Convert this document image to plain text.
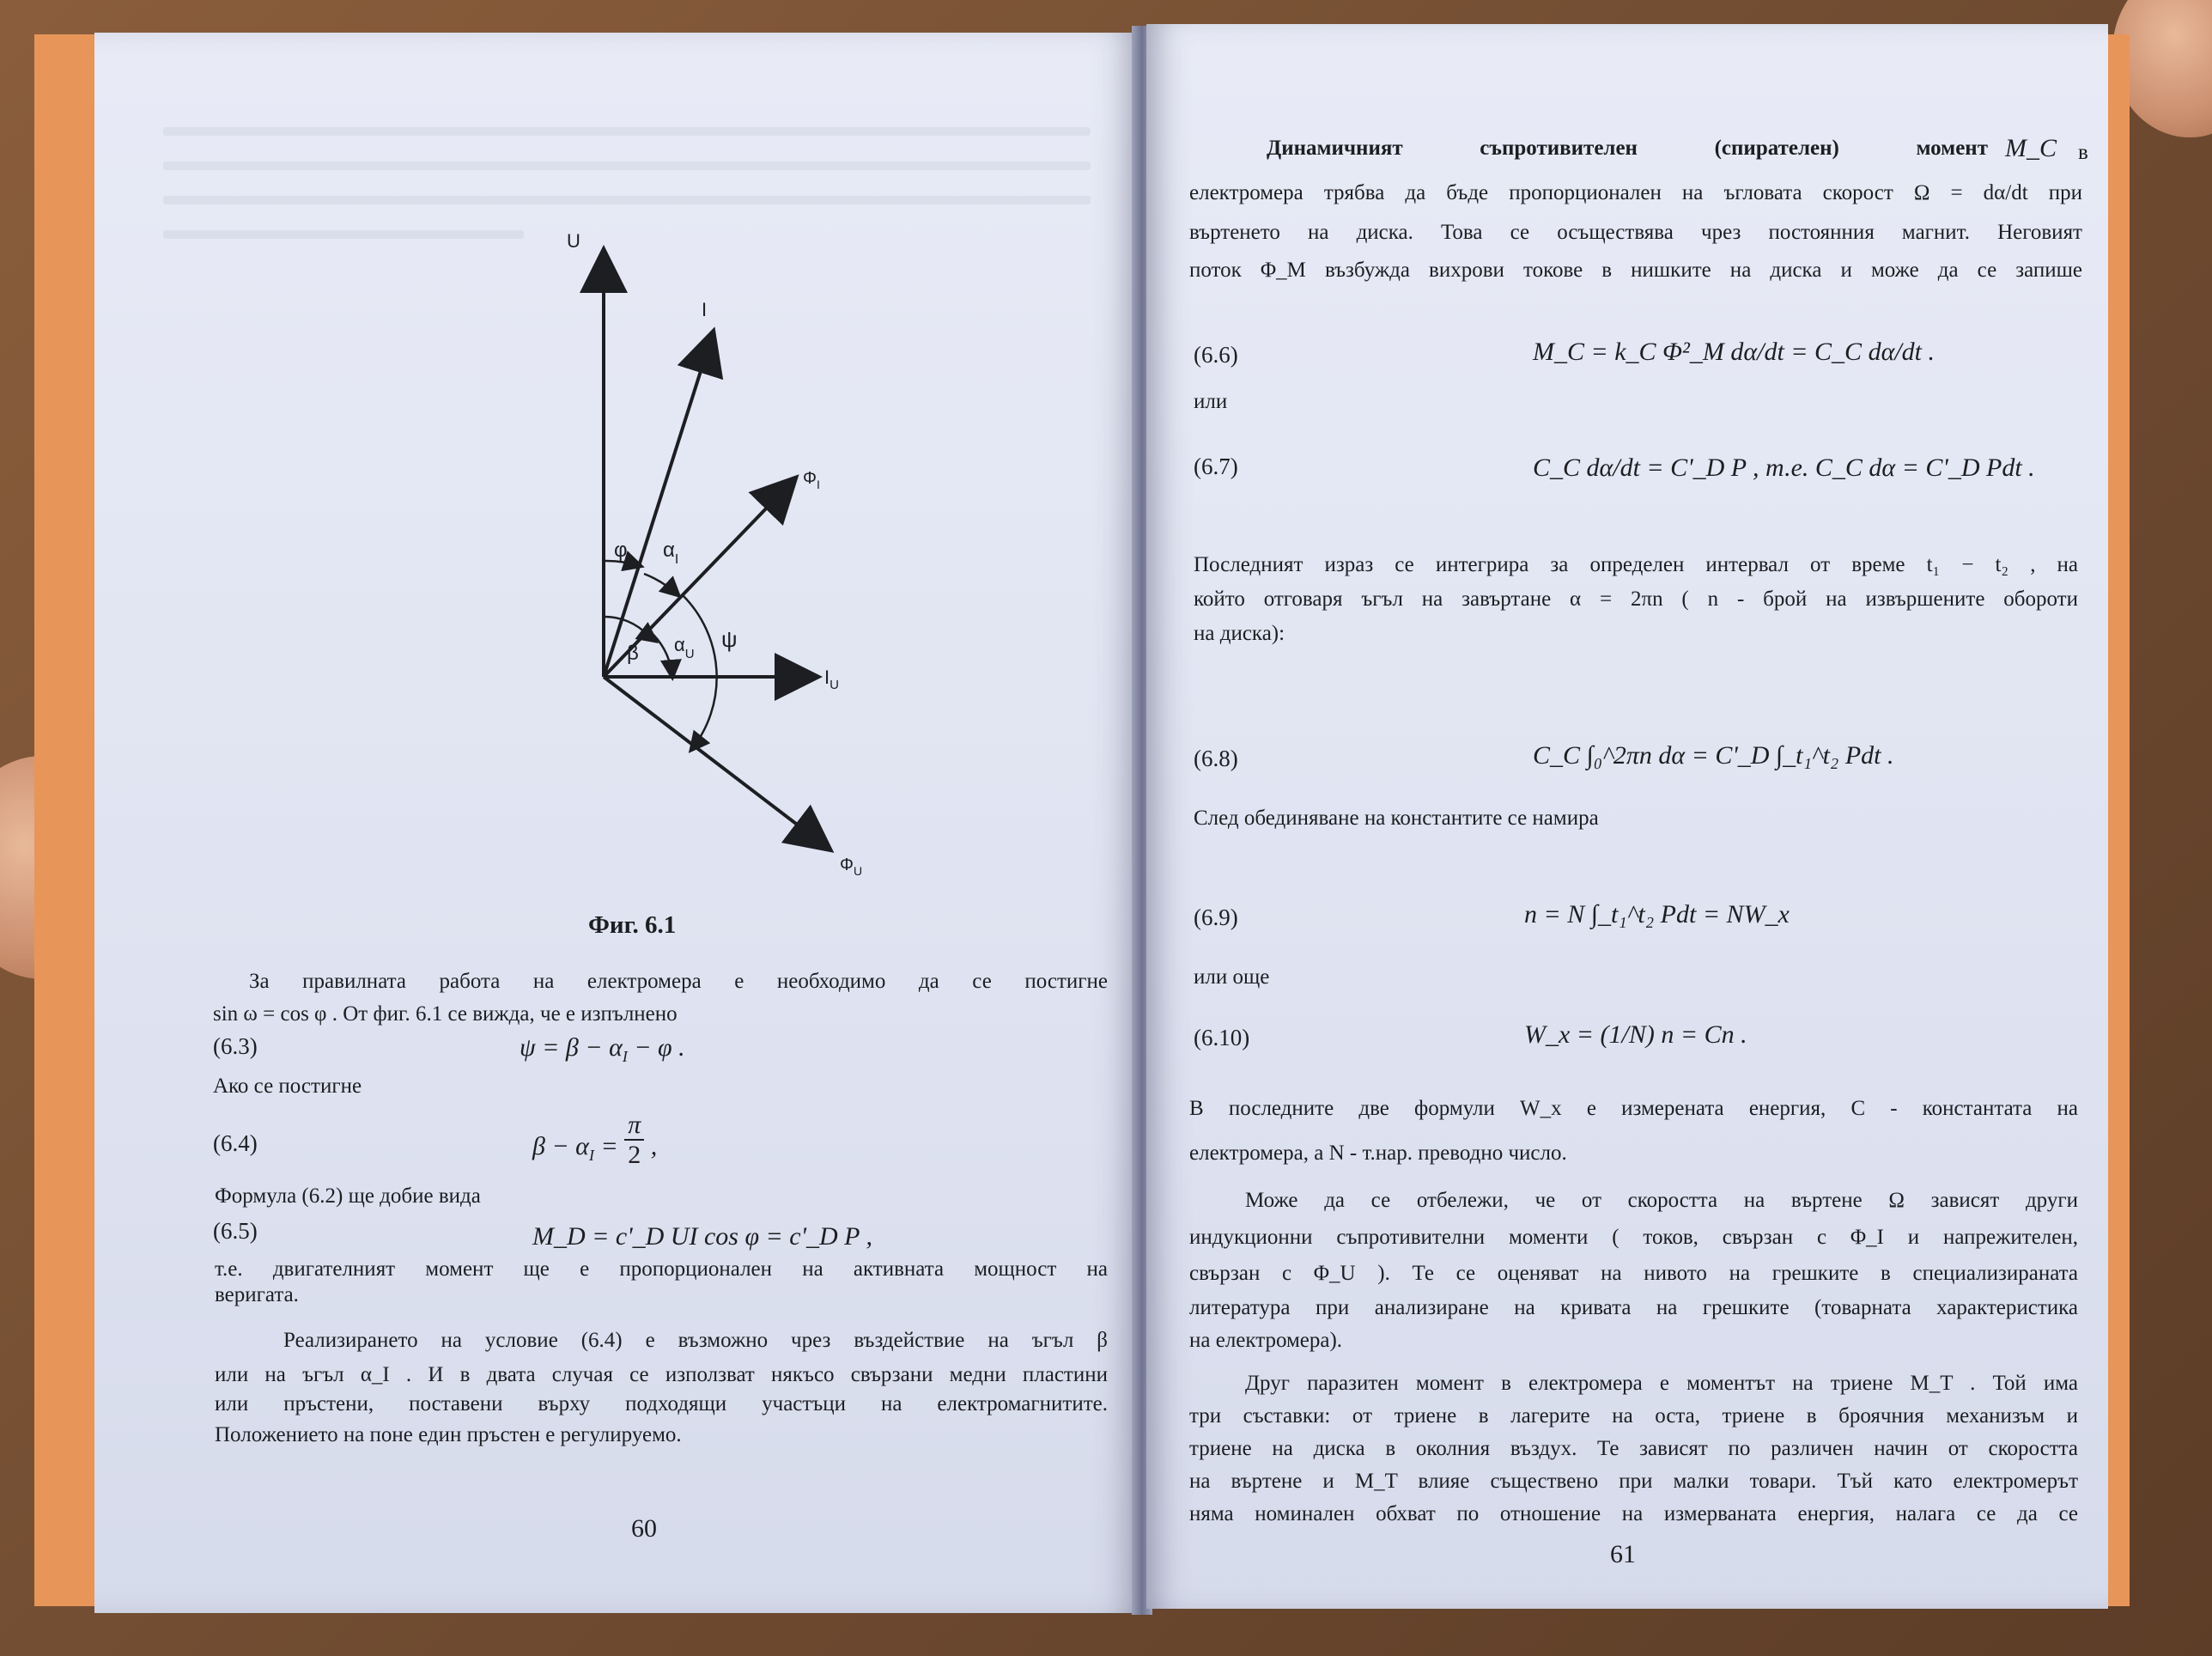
U
I
$\Phi_I$
φ $\alpha_I$
ψ
β $\alpha_U$
$I_U$
$\Phi_U$
Фиг. 6.1
За правилната работа на електромера е необходимо да се постигне
sin ω = cos φ . От фиг. 6.1 се вижда, че е изпълнено
(6.3)	$\psi = \beta - \alpha_I - \varphi$ .
Ако се постигне
(6.4)	$\beta - \alpha_I = \frac{\pi}{2}$ ,
Формула (6.2) ще добие вида
(6.5)	M_D = c'_D UI cos φ = c'_D P ,
т.е. двигателният момент ще е пропорционален на активната мощност на
веригата.
Реализирането на условие (6.4) е възможно чрез въздействие на ъгъл β
или на ъгъл α_I . И в двата случая се използват някъсо свързани медни пластини
или пръстени, поставени върху подходящи участъци на електромагнитите.
Положението на поне един пръстен е регулируемо.
60
Динамичният	съпротивителен	(спирателен)	момент M_C в
електромера трябва да бъде пропорционален на ъгловата скорост Ω = dα/dt при
въртенето на диска. Това се осъществява чрез постоянния магнит. Неговият
поток Φ_M възбужда вихрови токове в нишките на диска и може да се запише
(6.6)	M_C = k_C Φ²_M dα/dt = C_C dα/dt .
или
(6.7)	C_C dα/dt = C'_D P , т.е. C_C dα = C'_D Pdt .
Последният израз се интегрира за определен интервал от време t₁ − t₂ , на
който отговаря ъгъл на завъртане α = 2πn ( n - брой на извършените обороти
на диска):
(6.8)	C_C ∫₀^2πn dα = C'_D ∫_t₁^t₂ Pdt .
След обединяване на константите се намира
(6.9)	n = N ∫_t₁^t₂ Pdt = NW_x
или още
(6.10)	W_x = (1/N) n = Cn .
В последните две формули W_x е измерената енергия, C - константата на
електромера, а N - т.нар. преводно число.
Може да се отбележи, че от скоростта на въртене Ω зависят други
индукционни съпротивителни моменти ( токов, свързан с Φ_I и напрежителен,
свързан с Φ_U ). Те се оценяват на нивото на грешките в специализираната
литература при анализиране на кривата на грешките (товарната характеристика
на електромера).
Друг паразитен момент в електромера е моментът на триене M_T . Той има
три съставки: от триене в лагерите на оста, триене в броячния механизъм и
триене на диска в околния въздух. Те зависят по различен начин от скоростта
на въртене и M_T влияе съществено при малки товари. Тъй като електромерът
няма номинален обхват по отношение на измерваната енергия, налага се да се
61
